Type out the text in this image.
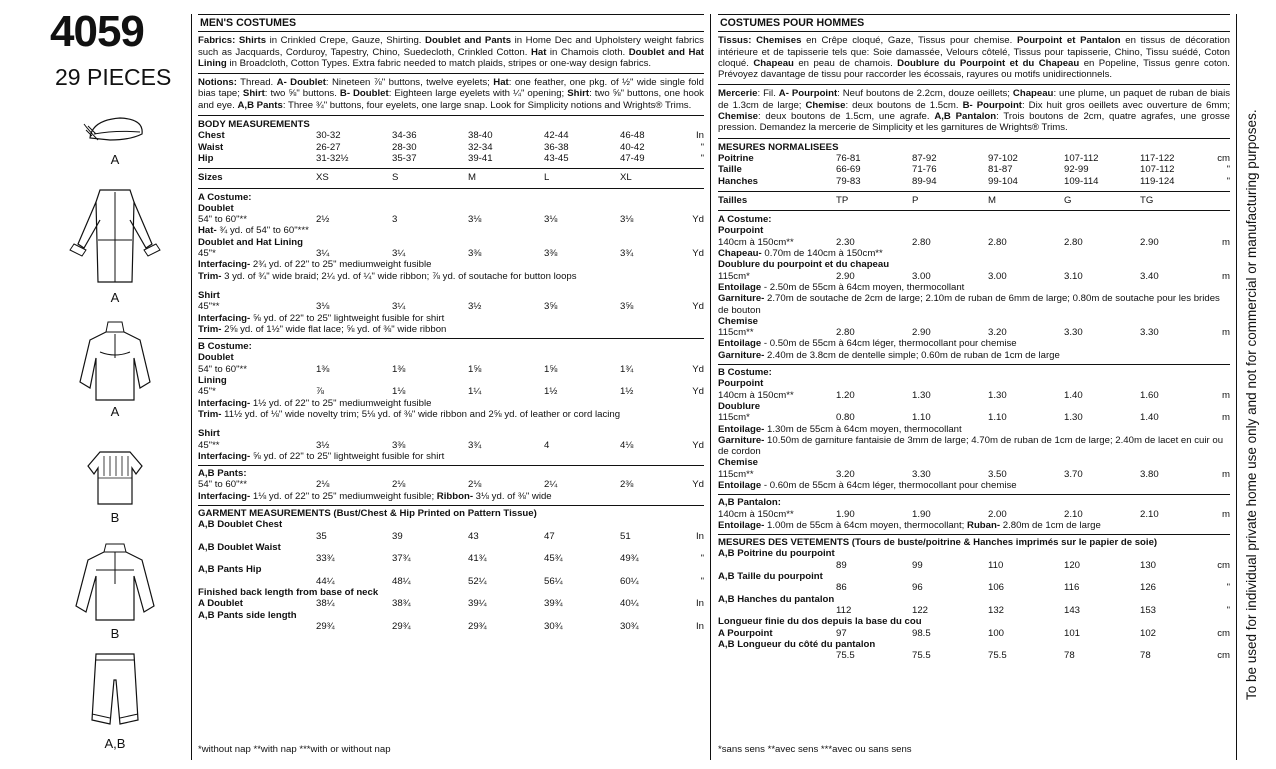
4059
29 PIECES
A
A
A
B
B
A,B
MEN'S COSTUMES
Fabrics: Shirts in Crinkled Crepe, Gauze, Shirting. Doublet and Pants in Home Dec and Upholstery weight fabrics such as Jacquards, Corduroy, Tapestry, Chino, Suedecloth, Crinkled Cotton. Hat in Chamois cloth. Doublet and Hat Lining in Broadcloth, Cotton Types. Extra fabric needed to match plaids, stripes or one-way design fabrics.
Notions: Thread. A- Doublet: Nineteen ⅞" buttons, twelve eyelets; Hat: one feather, one pkg. of ½" wide single fold bias tape; Shirt: two ⅝" buttons. B- Doublet: Eighteen large eyelets with ¼" opening; Shirt: two ⅝" buttons, one hook and eye. A,B Pants: Three ¾" buttons, four eyelets, one large snap. Look for Simplicity notions and Wrights® Trims.
BODY MEASUREMENTS						
Chest	30-32	34-36	38-40	42-44	46-48	In
Waist	26-27	28-30	32-34	36-38	40-42	"
Hip	31-32½	35-37	39-41	43-45	47-49	"
Sizes	XS	S	M	L	XL	
A Costume:						
Doublet						
54" to 60"**	2½	3	3⅛	3⅛	3⅛	Yd
Hat- ¾ yd. of 54" to 60"***						
Doublet and Hat Lining						
45"*	3¼	3¼	3⅜	3⅜	3¾	Yd
Interfacing- 2¾ yd. of 22" to 25" mediumweight fusible						
Trim- 3 yd. of ¾" wide braid; 2¼ yd. of ¼" wide ribbon; ⅞ yd. of soutache for button loops						

Shirt						
45"**	3⅛	3¼	3½	3⅝	3⅝	Yd
Interfacing- ⅝ yd. of 22" to 25" lightweight fusible for shirt						
Trim- 2⅝ yd. of 1½" wide flat lace; ⅝ yd. of ⅜" wide ribbon						

B Costume:						
Doublet						
54" to 60"**	1⅜	1⅜	1⅝	1⅝	1¾	Yd
Lining						
45"*	⅞	1⅛	1¼	1½	1½	Yd
Interfacing- 1½ yd. of 22" to 25" mediumweight fusible						
Trim- 11½ yd. of ⅛" wide novelty trim; 5⅛ yd. of ⅜" wide ribbon and 2⅝ yd. of leather or cord lacing						

Shirt						
45"**	3½	3⅜	3¾	4	4⅛	Yd
Interfacing- ⅝ yd. of 22" to 25" lightweight fusible for shirt						

A,B Pants:						
54" to 60"**	2⅛	2⅛	2⅛	2¼	2⅜	Yd
Interfacing- 1⅛ yd. of 22" to 25" mediumweight fusible; Ribbon- 3⅛ yd. of ⅜" wide						

GARMENT MEASUREMENTS (Bust/Chest & Hip Printed on Pattern Tissue)						
A,B Doublet Chest						
	35	39	43	47	51	In
A,B Doublet Waist						
	33¾	37¾	41¾	45¾	49¾	"
A,B Pants Hip						
	44¼	48¼	52¼	56¼	60¼	"
Finished back length from base of neck						
A Doublet	38¼	38¾	39¼	39¾	40¼	In
A,B Pants side length						
	29¾	29¾	29¾	30¾	30¾	In
*without nap **with nap ***with or without nap
COSTUMES POUR HOMMES
Tissus: Chemises en Crêpe cloqué, Gaze, Tissus pour chemise. Pourpoint et Pantalon en tissus de décoration intérieure et de tapisserie tels que: Soie damassée, Velours côtelé, Tissus pour tapisserie, Chino, Tissu suédé, Coton cloqué. Chapeau en peau de chamois. Doublure du Pourpoint et du Chapeau en Popeline, Tissus genre coton. Prévoyez davantage de tissu pour raccorder les écossais, rayures ou motifs unidirectionnels.
Mercerie: Fil. A- Pourpoint: Neuf boutons de 2.2cm, douze oeillets; Chapeau: une plume, un paquet de ruban de biais de 1.3cm de large; Chemise: deux boutons de 1.5cm. B- Pourpoint: Dix huit gros oeillets avec ouverture de 6mm; Chemise: deux boutons de 1.5cm, une agrafe. A,B Pantalon: Trois boutons de 2cm, quatre agrafes, une grosse pression. Demandez la mercerie de Simplicity et les garnitures de Wrights® Trims.
MESURES NORMALISEES						
Poitrine	76-81	87-92	97-102	107-112	117-122	cm
Taille	66-69	71-76	81-87	92-99	107-112	"
Hanches	79-83	89-94	99-104	109-114	119-124	"
Tailles	TP	P	M	G	TG	
A Costume:						
Pourpoint						
140cm à 150cm**	2.30	2.80	2.80	2.80	2.90	m
Chapeau- 0.70m de 140cm à 150cm**						
Doublure du pourpoint et du chapeau						
115cm*	2.90	3.00	3.00	3.10	3.40	m
Entoilage - 2.50m de 55cm à 64cm moyen, thermocollant						
Garniture- 2.70m de soutache de 2cm de large; 2.10m de ruban de 6mm de large; 0.80m de soutache pour les brides de bouton						
Chemise						
115cm**	2.80	2.90	3.20	3.30	3.30	m
Entoilage - 0.50m de 55cm à 64cm léger, thermocollant pour chemise						
Garniture- 2.40m de 3.8cm de dentelle simple; 0.60m de ruban de 1cm de large						

B Costume:						
Pourpoint						
140cm à 150cm**	1.20	1.30	1.30	1.40	1.60	m
Doublure						
115cm*	0.80	1.10	1.10	1.30	1.40	m
Entoilage- 1.30m de 55cm à 64cm moyen, thermocollant						
Garniture- 10.50m de garniture fantaisie de 3mm de large; 4.70m de ruban de 1cm de large; 2.40m de lacet en cuir ou de cordon						
Chemise						
115cm**	3.20	3.30	3.50	3.70	3.80	m
Entoilage - 0.60m de 55cm à 64cm léger, thermocollant pour chemise						

A,B Pantalon:						
140cm à 150cm**	1.90	1.90	2.00	2.10	2.10	m
Entoilage- 1.00m de 55cm à 64cm moyen, thermocollant; Ruban- 2.80m de 1cm de large						

MESURES DES VETEMENTS (Tours de buste/poitrine & Hanches imprimés sur le papier de soie)						
A,B Poitrine du pourpoint						
	89	99	110	120	130	cm
A,B Taille du pourpoint						
	86	96	106	116	126	"
A,B Hanches du pantalon						
	112	122	132	143	153	"
Longueur finie du dos depuis la base du cou						
A Pourpoint	97	98.5	100	101	102	cm
A,B Longueur du côté du pantalon						
	75.5	75.5	75.5	78	78	cm
*sans sens **avec sens ***avec ou sans sens
To be used for individual private home use only and not for commercial or manufacturing purposes.
